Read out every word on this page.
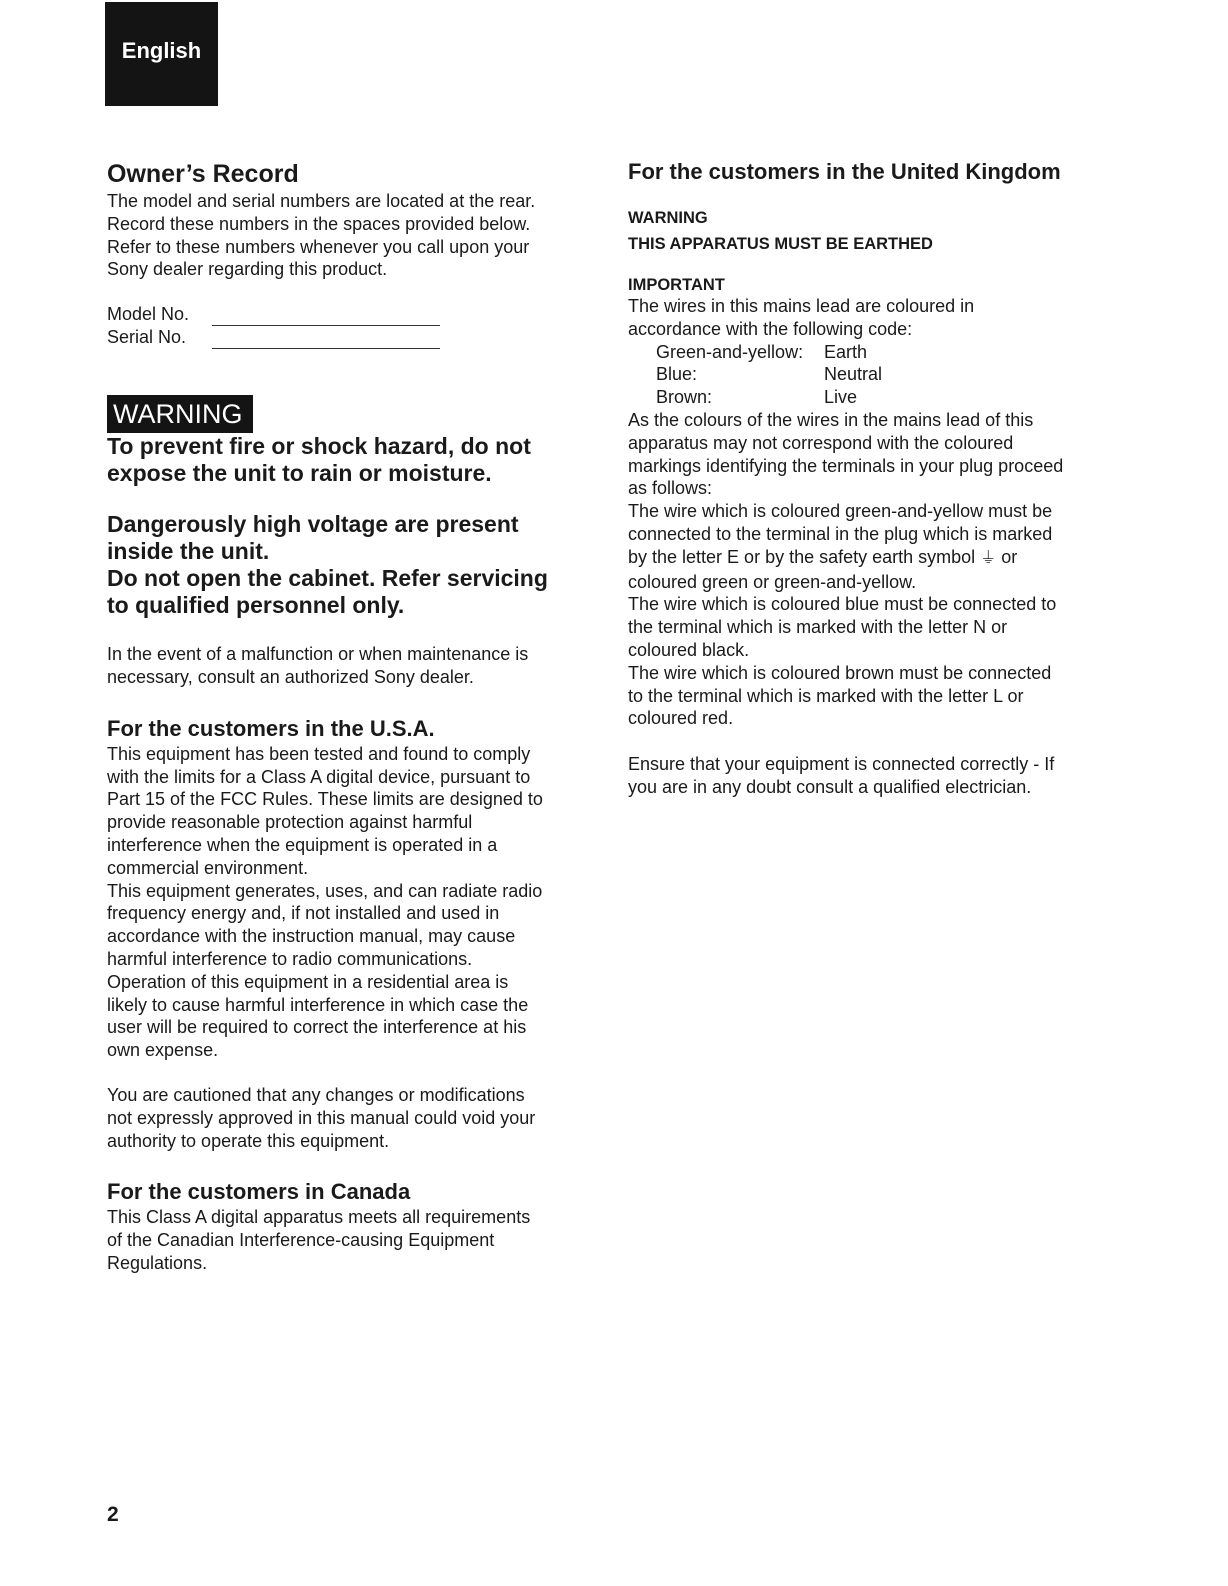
English
Owner’s Record

The model and serial numbers are located at the rear.

Record these numbers in the spaces provided below.

Refer to these numbers whenever you call upon your

Sony dealer regarding this product.

Model No.
Serial No.
WARNING

To prevent fire or shock hazard, do not

expose the unit to rain or moisture.

Dangerously high voltage are present

inside the unit.

Do not open the cabinet. Refer servicing

to qualified personnel only.

In the event of a malfunction or when maintenance is

necessary, consult an authorized Sony dealer.

For the customers in the U.S.A.

This equipment has been tested and found to comply

with the limits for a Class A digital device, pursuant to

Part 15 of the FCC Rules. These limits are designed to

provide reasonable protection against harmful

interference when the equipment is operated in a

commercial environment.

This equipment generates, uses, and can radiate radio

frequency energy and, if not installed and used in

accordance with the instruction manual, may cause

harmful interference to radio communications.

Operation of this equipment in a residential area is

likely to cause harmful interference in which case the

user will be required to correct the interference at his

own expense.

You are cautioned that any changes or modifications

not expressly approved in this manual could void your

authority to operate this equipment.

For the customers in Canada

This Class A digital apparatus meets all requirements

of the Canadian Interference-causing Equipment

Regulations.

For the customers in the United Kingdom

WARNING

THIS APPARATUS MUST BE EARTHED

IMPORTANT

The wires in this mains lead are coloured in

accordance with the following code:

Green-and-yellow:	Earth
Blue:	Neutral
Brown:	Live

As the colours of the wires in the mains lead of this

apparatus may not correspond with the coloured

markings identifying the terminals in your plug proceed

as follows:

The wire which is coloured green-and-yellow must be

connected to the terminal in the plug which is marked

by the letter E or by the safety earth symbol ⏚ or

coloured green or green-and-yellow.

The wire which is coloured blue must be connected to

the terminal which is marked with the letter N or

coloured black.

The wire which is coloured brown must be connected

to the terminal which is marked with the letter L or

coloured red.

Ensure that your equipment is connected correctly - If

you are in any doubt consult a qualified electrician.

2
